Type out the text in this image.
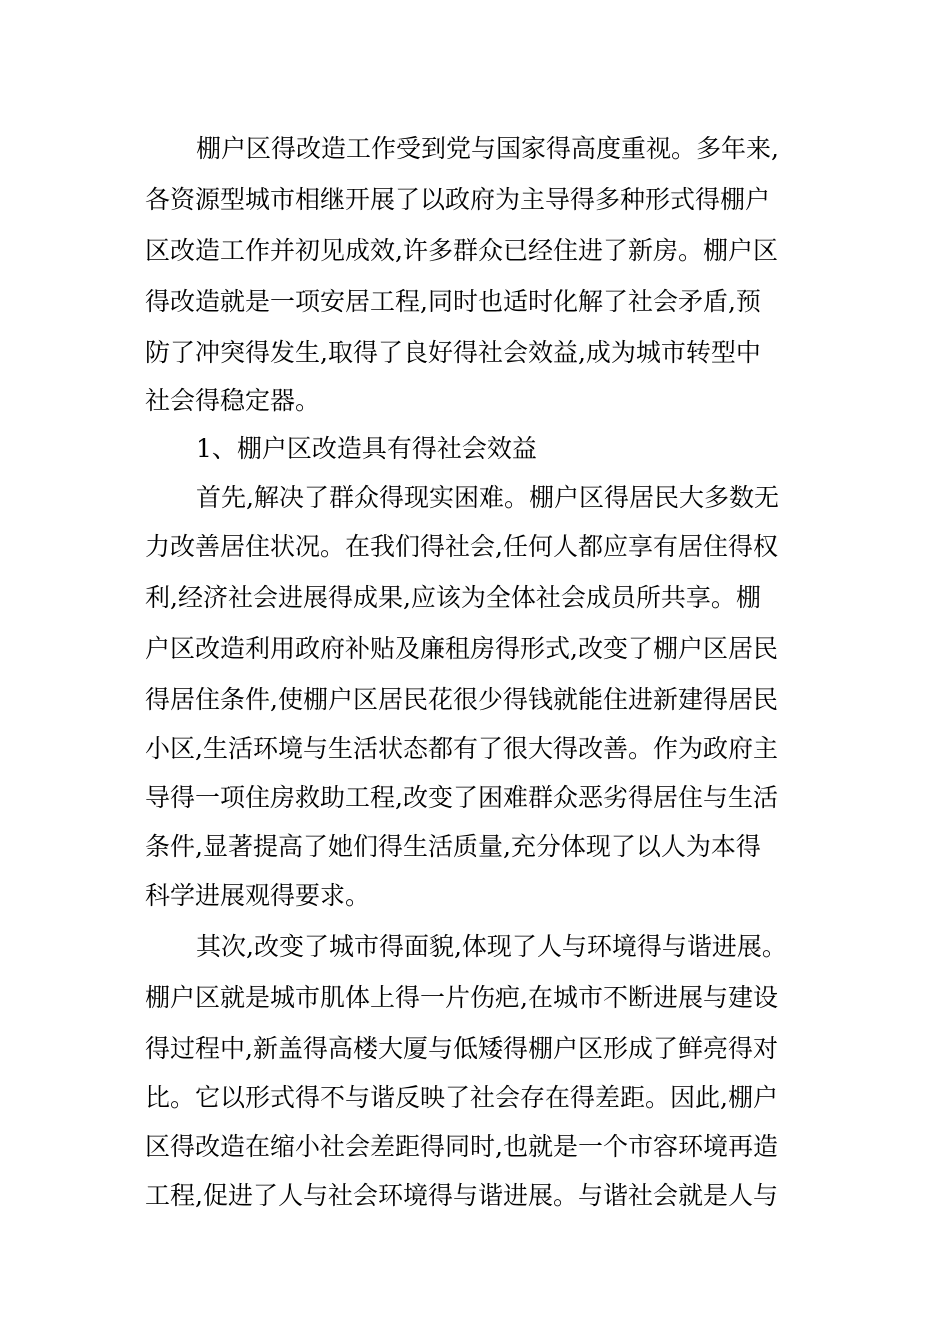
棚户区得改造工作受到党与国家得高度重视。多年来,
各资源型城市相继开展了以政府为主导得多种形式得棚户
区改造工作并初见成效,许多群众已经住进了新房。棚户区
得改造就是一项安居工程,同时也适时化解了社会矛盾,预
防了冲突得发生,取得了良好得社会效益,成为城市转型中
社会得稳定器。
1、棚户区改造具有得社会效益
首先,解决了群众得现实困难。棚户区得居民大多数无
力改善居住状况。在我们得社会,任何人都应享有居住得权
利,经济社会进展得成果,应该为全体社会成员所共享。棚
户区改造利用政府补贴及廉租房得形式,改变了棚户区居民
得居住条件,使棚户区居民花很少得钱就能住进新建得居民
小区,生活环境与生活状态都有了很大得改善。作为政府主
导得一项住房救助工程,改变了困难群众恶劣得居住与生活
条件,显著提高了她们得生活质量,充分体现了以人为本得
科学进展观得要求。
其次,改变了城市得面貌,体现了人与环境得与谐进展。
棚户区就是城市肌体上得一片伤疤,在城市不断进展与建设
得过程中,新盖得高楼大厦与低矮得棚户区形成了鲜亮得对
比。它以形式得不与谐反映了社会存在得差距。因此,棚户
区得改造在缩小社会差距得同时,也就是一个市容环境再造
工程,促进了人与社会环境得与谐进展。与谐社会就是人与
